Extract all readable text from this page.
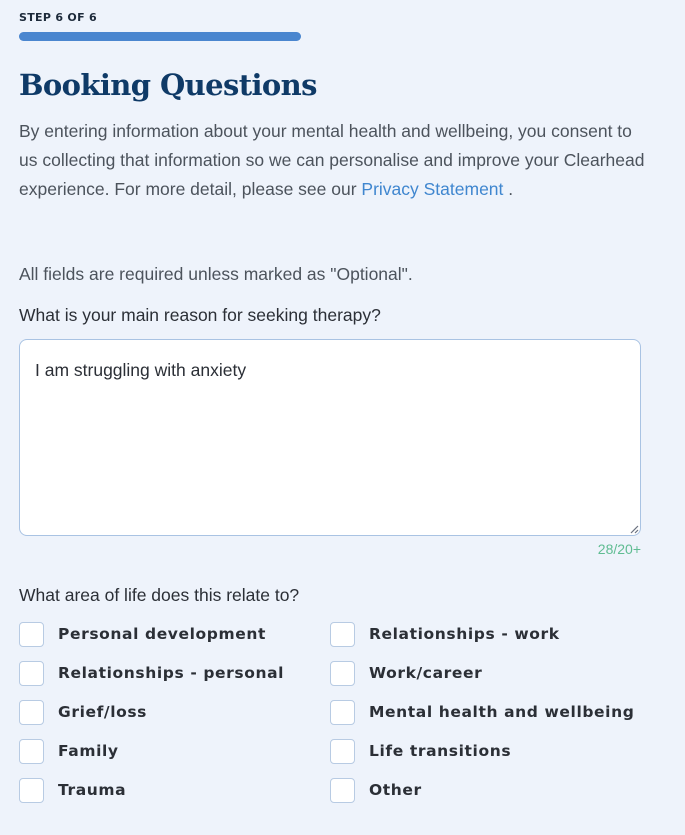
STEP 6 OF 6
Booking Questions

By entering information about your mental health and wellbeing, you consent to us collecting that information so we can personalise and improve your Clearhead experience. For more detail, please see our Privacy Statement .

All fields are required unless marked as "Optional".

What is your main reason for seeking therapy?
I am struggling with anxiety
28/20+
What area of life does this relate to?
Personal development	Relationships - work
Relationships - personal	Work/career
Grief/loss	Mental health and wellbeing
Family	Life transitions
Trauma	Other
